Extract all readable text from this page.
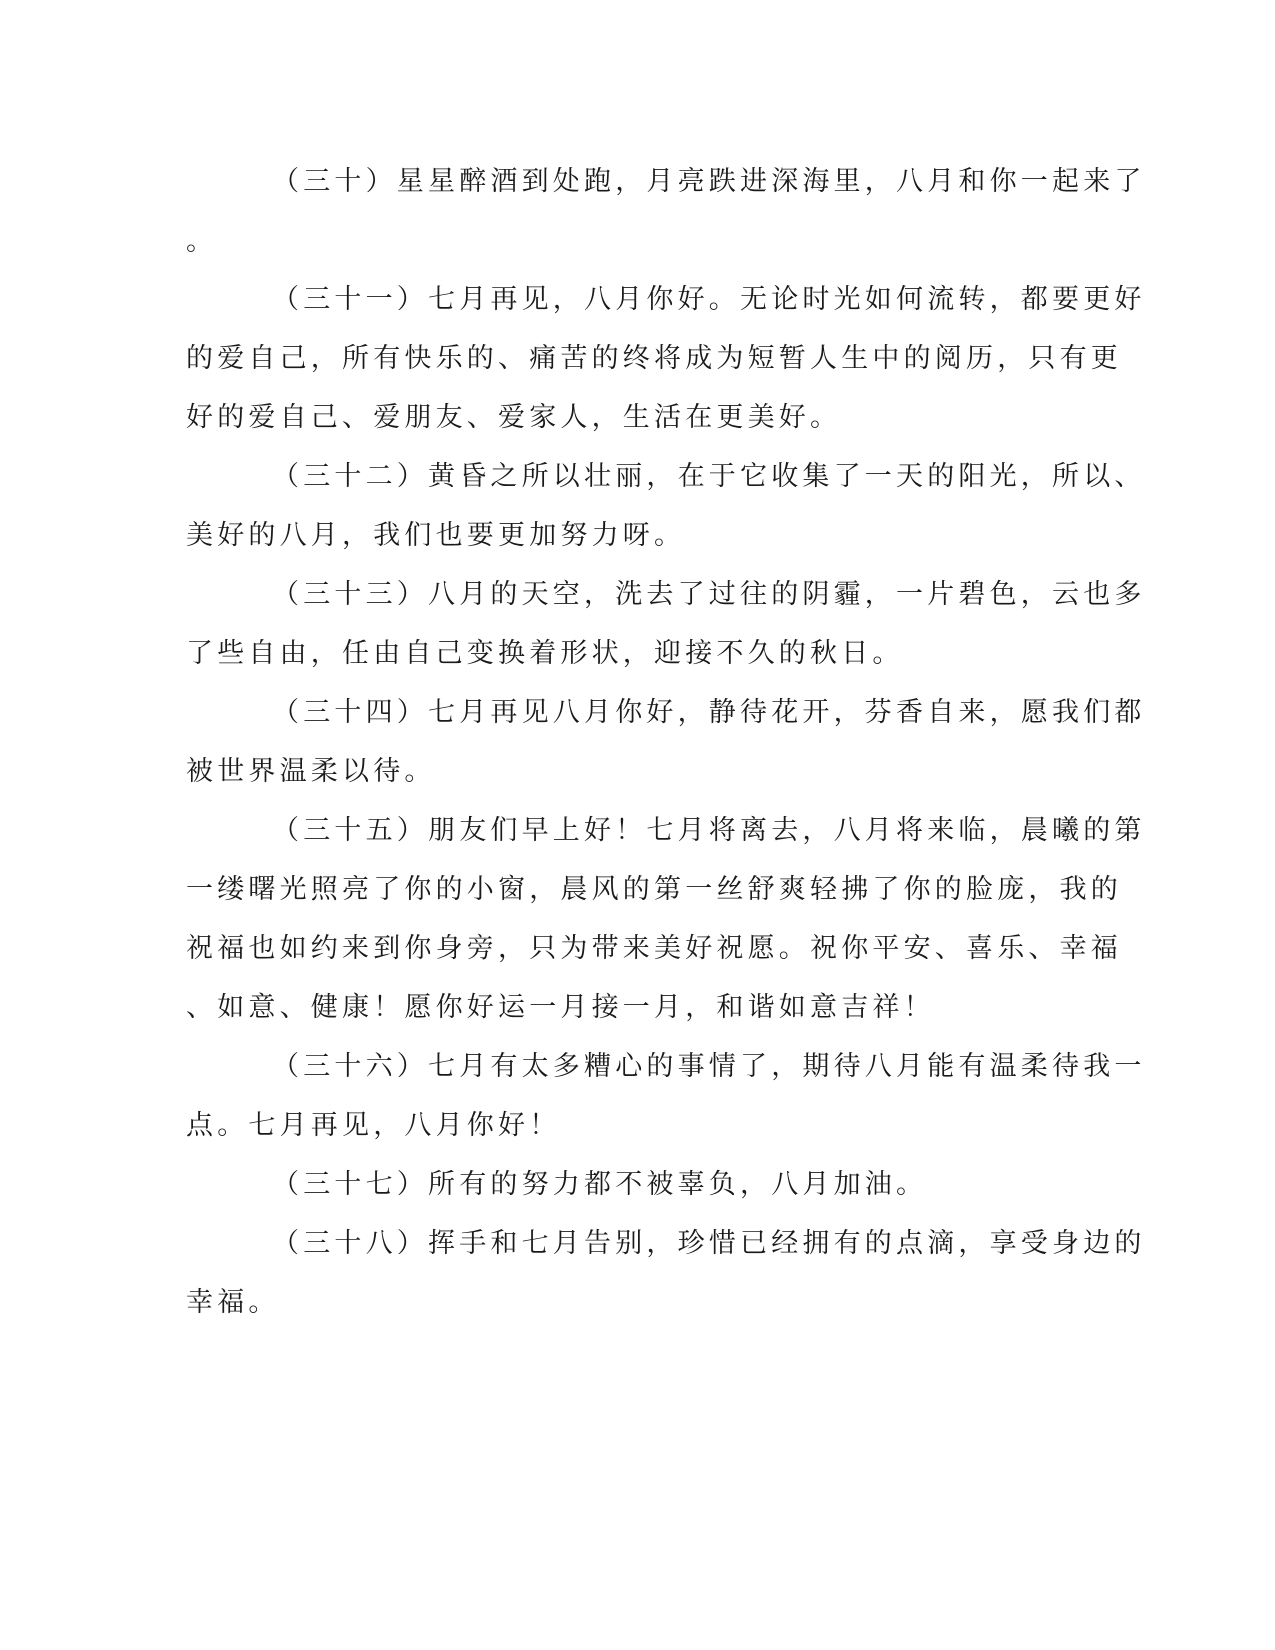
（三十）星星醉酒到处跑，月亮跌进深海里，八月和你一起来了
。
（三十一）七月再见，八月你好。无论时光如何流转，都要更好
的爱自己，所有快乐的、痛苦的终将成为短暂人生中的阅历，只有更
好的爱自己、爱朋友、爱家人，生活在更美好。
（三十二）黄昏之所以壮丽，在于它收集了一天的阳光，所以、
美好的八月，我们也要更加努力呀。
（三十三）八月的天空，洗去了过往的阴霾，一片碧色，云也多
了些自由，任由自己变换着形状，迎接不久的秋日。
（三十四）七月再见八月你好，静待花开，芬香自来，愿我们都
被世界温柔以待。
（三十五）朋友们早上好！七月将离去，八月将来临，晨曦的第
一缕曙光照亮了你的小窗，晨风的第一丝舒爽轻拂了你的脸庞，我的
祝福也如约来到你身旁，只为带来美好祝愿。祝你平安、喜乐、幸福
、如意、健康！愿你好运一月接一月，和谐如意吉祥！
（三十六）七月有太多糟心的事情了，期待八月能有温柔待我一
点。七月再见，八月你好！
（三十七）所有的努力都不被辜负，八月加油。
（三十八）挥手和七月告别，珍惜已经拥有的点滴，享受身边的
幸福。
